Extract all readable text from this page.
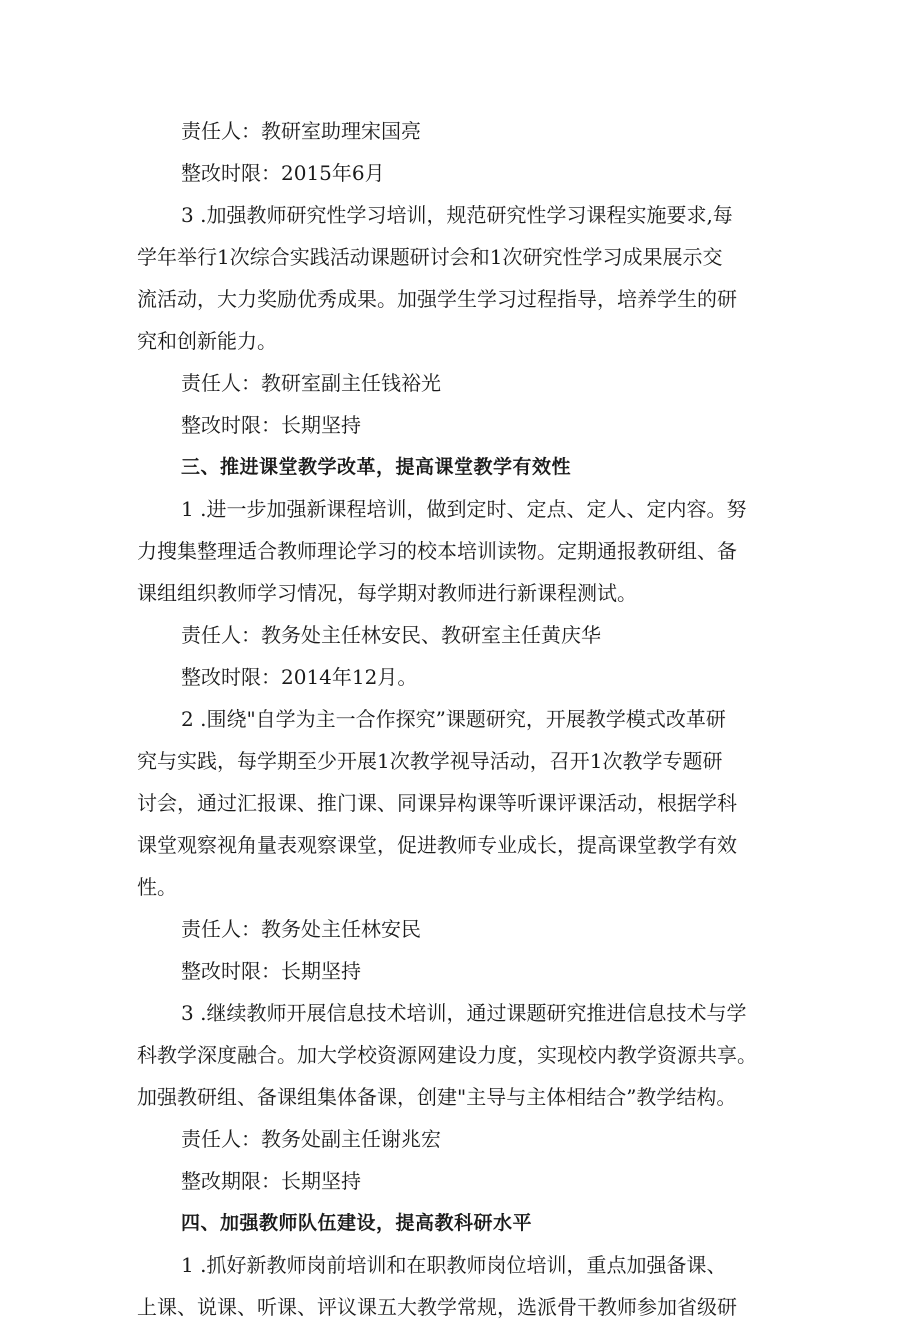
责任人：教研室助理宋国亮
整改时限：2015年6月
3 .加强教师研究性学习培训，规范研究性学习课程实施要求,每
学年举行1次综合实践活动课题研讨会和1次研究性学习成果展示交
流活动，大力奖励优秀成果。加强学生学习过程指导，培养学生的研
究和创新能力。
责任人：教研室副主任钱裕光
整改时限：长期坚持
三、推进课堂教学改革，提高课堂教学有效性
1 .进一步加强新课程培训，做到定时、定点、定人、定内容。努
力搜集整理适合教师理论学习的校本培训读物。定期通报教研组、备
课组组织教师学习情况，每学期对教师进行新课程测试。
责任人：教务处主任林安民、教研室主任黄庆华
整改时限：2014年12月。
2 .围绕"自学为主一合作探究”课题研究，开展教学模式改革研
究与实践，每学期至少开展1次教学视导活动，召开1次教学专题研
讨会，通过汇报课、推门课、同课异构课等听课评课活动，根据学科
课堂观察视角量表观察课堂，促进教师专业成长，提高课堂教学有效
性。
责任人：教务处主任林安民
整改时限：长期坚持
3 .继续教师开展信息技术培训，通过课题研究推进信息技术与学
科教学深度融合。加大学校资源网建设力度，实现校内教学资源共享。
加强教研组、备课组集体备课，创建"主导与主体相结合”教学结构。
责任人：教务处副主任谢兆宏
整改期限：长期坚持
四、加强教师队伍建设，提高教科研水平
1 .抓好新教师岗前培训和在职教师岗位培训，重点加强备课、
上课、说课、听课、评议课五大教学常规，选派骨干教师参加省级研
